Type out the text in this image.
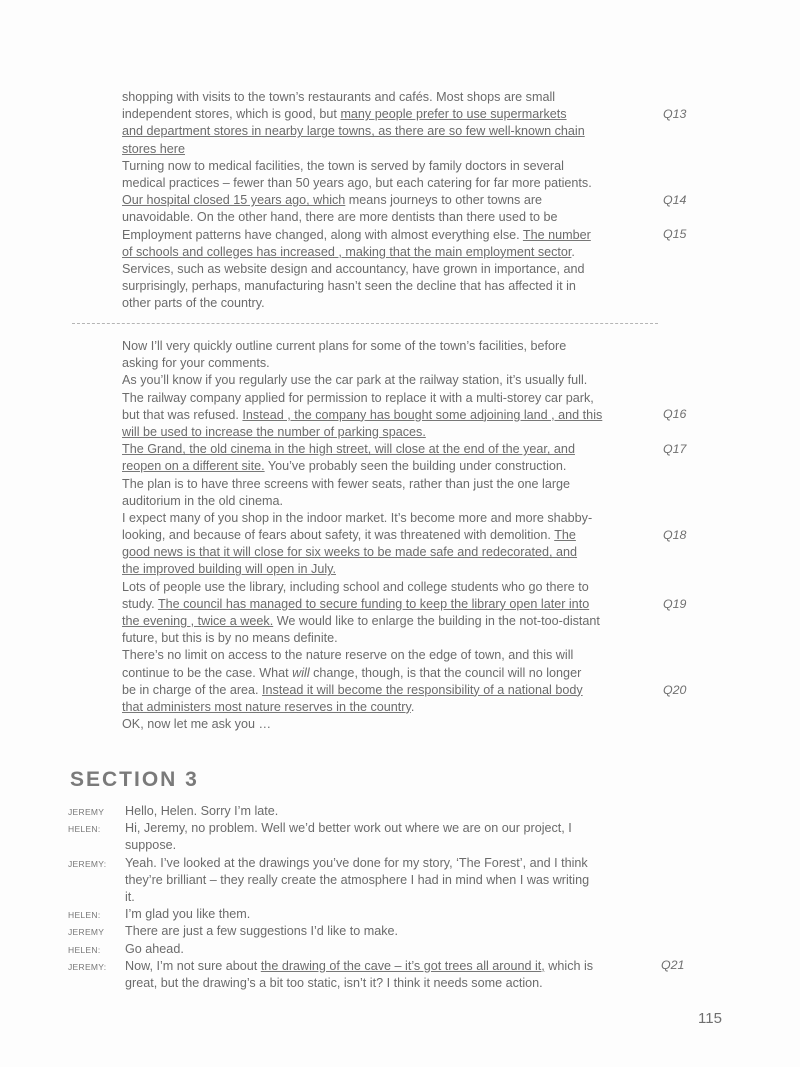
shopping with visits to the town’s restaurants and cafés. Most shops are small
independent stores, which is good, but many people prefer to use supermarkets
and department stores in nearby large towns, as there are so few well-known chain
stores here
Turning now to medical facilities, the town is served by family doctors in several
medical practices – fewer than 50 years ago, but each catering for far more patients.
Our hospital closed 15 years ago, which means journeys to other towns are
unavoidable. On the other hand, there are more dentists than there used to be
Employment patterns have changed, along with almost everything else. The number
of schools and colleges has increased , making that the main employment sector.
Services, such as website design and accountancy, have grown in importance, and
surprisingly, perhaps, manufacturing hasn’t seen the decline that has affected it in
other parts of the country.
Q13
Q14
Q15
Now I’ll very quickly outline current plans for some of the town’s facilities, before
asking for your comments.
As you’ll know if you regularly use the car park at the railway station, it’s usually full.
The railway company applied for permission to replace it with a multi-storey car park,
but that was refused. Instead , the company has bought some adjoining land , and this
will be used to increase the number of parking spaces.
The Grand, the old cinema in the high street, will close at the end of the year, and
reopen on a different site. You’ve probably seen the building under construction.
The plan is to have three screens with fewer seats, rather than just the one large
auditorium in the old cinema.
I expect many of you shop in the indoor market. It’s become more and more shabby-
looking, and because of fears about safety, it was threatened with demolition. The
good news is that it will close for six weeks to be made safe and redecorated, and
the improved building will open in July.
Lots of people use the library, including school and college students who go there to
study. The council has managed to secure funding to keep the library open later into
the evening , twice a week. We would like to enlarge the building in the not-too-distant
future, but this is by no means definite.
There’s no limit on access to the nature reserve on the edge of town, and this will
continue to be the case. What will change, though, is that the council will no longer
be in charge of the area. Instead it will become the responsibility of a national body
that administers most nature reserves in the country.
OK, now let me ask you …
Q16
Q17
Q18
Q19
Q20
SECTION 3
JEREMY Hello, Helen. Sorry I’m late.
HELEN: Hi, Jeremy, no problem. Well we’d better work out where we are on our project, I
suppose.
JEREMY: Yeah. I’ve looked at the drawings you’ve done for my story, ‘The Forest’, and I think
they’re brilliant – they really create the atmosphere I had in mind when I was writing
it.
HELEN: I’m glad you like them.
JEREMY There are just a few suggestions I’d like to make.
HELEN: Go ahead.
JEREMY: Now, I’m not sure about the drawing of the cave – it’s got trees all around it, which is
great, but the drawing’s a bit too static, isn’t it? I think it needs some action.
Q21
115
